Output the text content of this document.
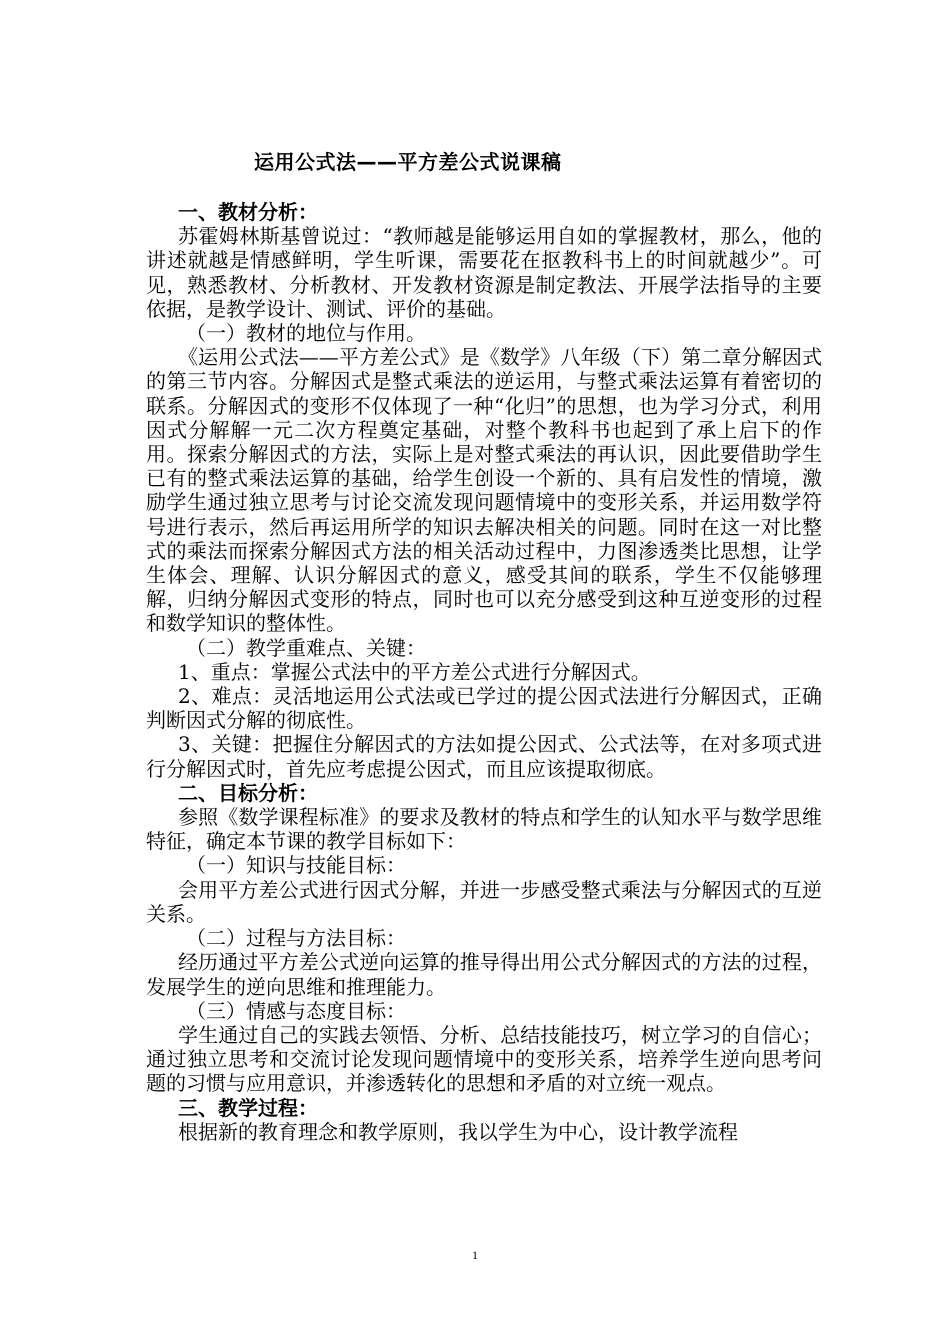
运用公式法——平方差公式说课稿

一、教材分析：

苏霍姆林斯基曾说过：“教师越是能够运用自如的掌握教材，那么，他的讲述就越是情感鲜明，学生听课，需要花在抠教科书上的时间就越少”。可见，熟悉教材、分析教材、开发教材资源是制定教法、开展学法指导的主要依据，是教学设计、测试、评价的基础。

（一）教材的地位与作用。

《运用公式法——平方差公式》是《数学》八年级（下）第二章分解因式的第三节内容。分解因式是整式乘法的逆运用，与整式乘法运算有着密切的联系。分解因式的变形不仅体现了一种“化归”的思想，也为学习分式，利用因式分解解一元二次方程奠定基础，对整个教科书也起到了承上启下的作用。探索分解因式的方法，实际上是对整式乘法的再认识，因此要借助学生已有的整式乘法运算的基础，给学生创设一个新的、具有启发性的情境，激励学生通过独立思考与讨论交流发现问题情境中的变形关系，并运用数学符号进行表示，然后再运用所学的知识去解决相关的问题。同时在这一对比整式的乘法而探索分解因式方法的相关活动过程中，力图渗透类比思想，让学生体会、理解、认识分解因式的意义，感受其间的联系，学生不仅能够理解，归纳分解因式变形的特点，同时也可以充分感受到这种互逆变形的过程和数学知识的整体性。

（二）教学重难点、关键：

1、重点：掌握公式法中的平方差公式进行分解因式。

2、难点：灵活地运用公式法或已学过的提公因式法进行分解因式，正确判断因式分解的彻底性。

3、关键：把握住分解因式的方法如提公因式、公式法等，在对多项式进行分解因式时，首先应考虑提公因式，而且应该提取彻底。

二、目标分析：

参照《数学课程标准》的要求及教材的特点和学生的认知水平与数学思维特征，确定本节课的教学目标如下：

（一）知识与技能目标：

会用平方差公式进行因式分解，并进一步感受整式乘法与分解因式的互逆关系。

（二）过程与方法目标：

经历通过平方差公式逆向运算的推导得出用公式分解因式的方法的过程，发展学生的逆向思维和推理能力。

（三）情感与态度目标：

学生通过自己的实践去领悟、分析、总结技能技巧，树立学习的自信心；通过独立思考和交流讨论发现问题情境中的变形关系，培养学生逆向思考问题的习惯与应用意识，并渗透转化的思想和矛盾的对立统一观点。

三、教学过程：

根据新的教育理念和教学原则，我以学生为中心，设计教学流程

1
